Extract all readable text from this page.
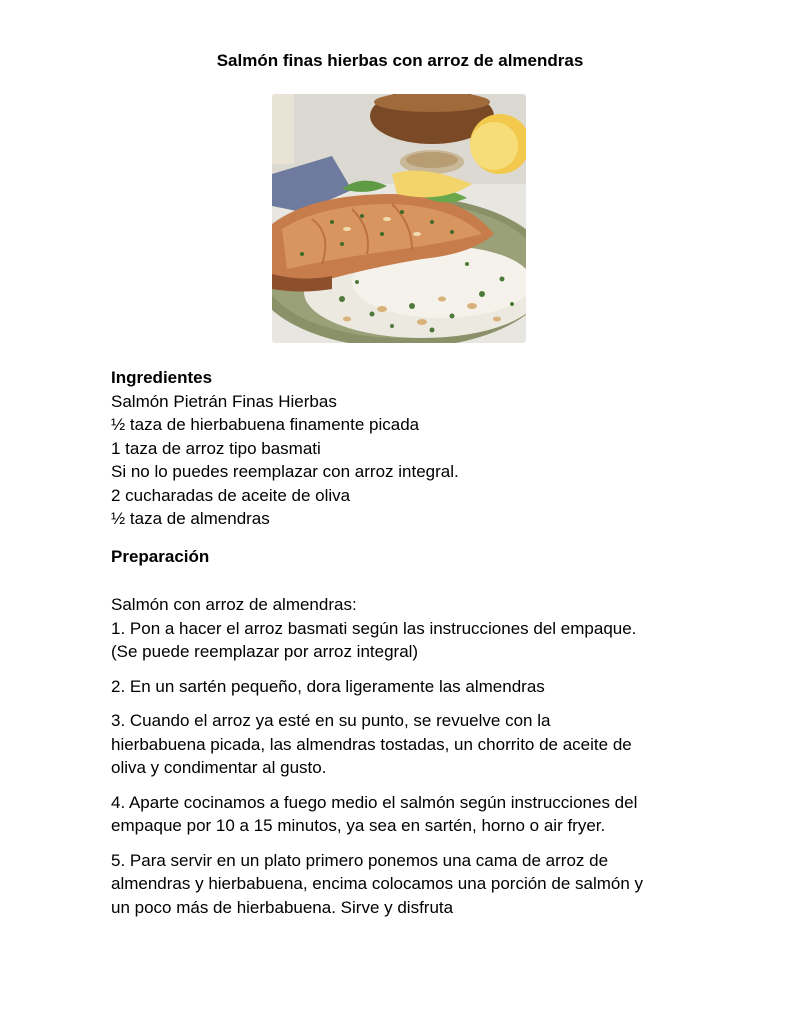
Salmón finas hierbas con arroz de almendras
Ingredientes
Salmón Pietrán Finas Hierbas
½ taza de hierbabuena finamente picada
1 taza de arroz tipo basmati
Si no lo puedes reemplazar con arroz integral.
2 cucharadas de aceite de oliva
½ taza de almendras
Preparación
Salmón con arroz de almendras:

1. Pon a hacer el arroz basmati según las instrucciones del empaque.
(Se puede reemplazar por arroz integral)

2. En un sartén pequeño, dora ligeramente las almendras

3. Cuando el arroz ya esté en su punto, se revuelve con la
hierbabuena picada, las almendras tostadas, un chorrito de aceite de
oliva y condimentar al gusto.

4. Aparte cocinamos a fuego medio el salmón según instrucciones del
empaque por 10 a 15 minutos, ya sea en sartén, horno o air fryer.

5. Para servir en un plato primero ponemos una cama de arroz de
almendras y hierbabuena, encima colocamos una porción de salmón y
un poco más de hierbabuena. Sirve y disfruta
